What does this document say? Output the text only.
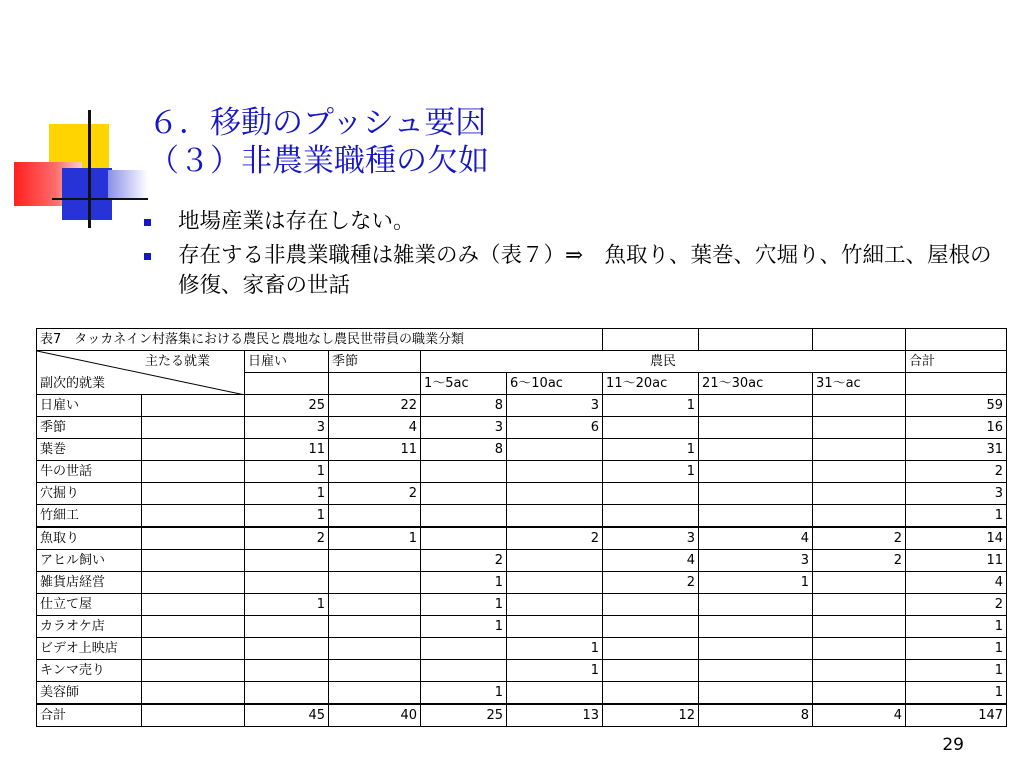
６．移動のプッシュ要因
（３）非農業職種の欠如
地場産業は存在しない。
存在する非農業職種は雑業のみ（表７）⇒　魚取り、葉巻、穴堀り、竹細工、屋根の修復、家畜の世話
表7　タッカネイン村落集における農民と農地なし農民世帯員の職業分類									

主たる就業
副次的就業		日雇い	季節	農民					合計
				1～5ac	6～10ac	11～20ac	21～30ac	31～ac	
日雇い		25	22	8	3	1			59
季節		3	4	3	6				16
葉巻		11	11	8		1			31
牛の世話		1				1			2
穴掘り		1	2						3
竹細工		1							1
魚取り		2	1		2	3	4	2	14
アヒル飼い				2		4	3	2	11
雑貨店経営				1		2	1		4
仕立て屋		1		1					2
カラオケ店				1					1
ビデオ上映店					1				1
キンマ売り					1				1
美容師				1					1
合計		45	40	25	13	12	8	4	147
29
